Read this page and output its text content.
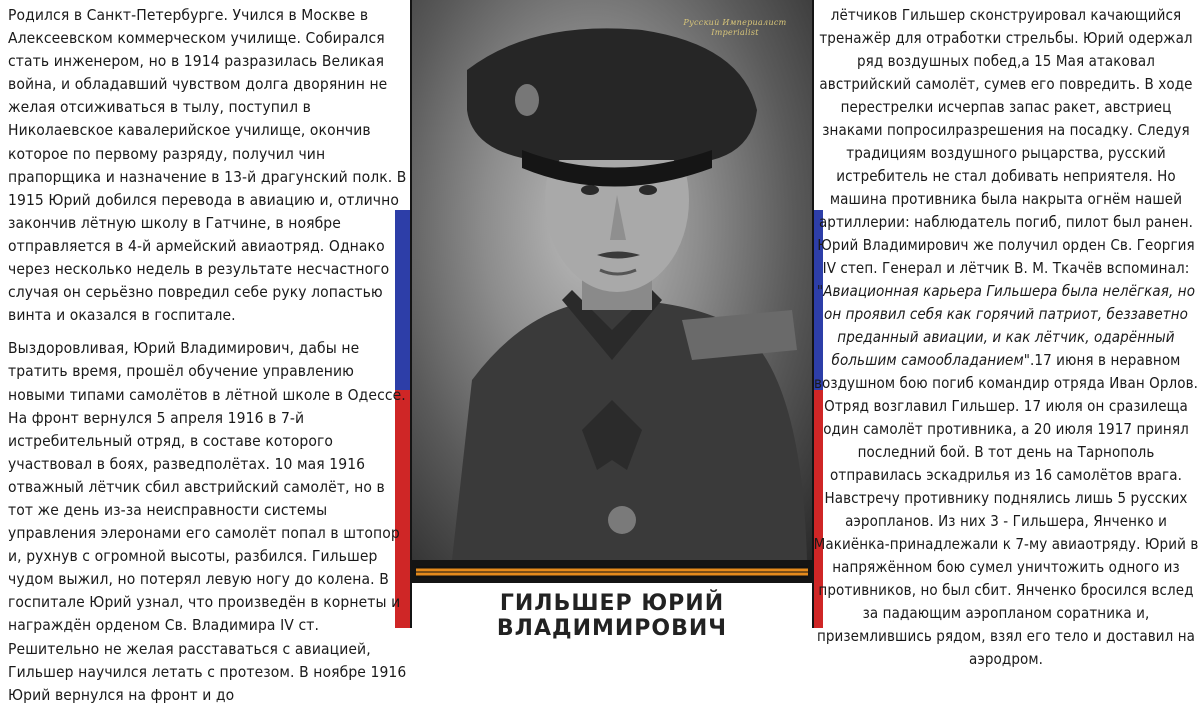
Родился в Санкт-Петербурге. Учился в Москве в Алексеевском коммерческом училище. Собирался стать инженером, но в 1914 разразилась Великая война, и обладавший чувством долга дворянин не желая отсиживаться в тылу, поступил в Николаевское кавалерийское училище, окончив которое по первому разряду, получил чин прапорщика и назначение в 13-й драгунский полк. В 1915 Юрий добился перевода в авиацию и, отлично закончив лётную школу в Гатчине, в ноябре отправляется в 4-й армейский авиаотряд. Однако через несколько недель в результате несчастного случая он серьёзно повредил себе руку лопастью винта и оказался в госпитале.

Выздоровливая, Юрий Владимирович, дабы не тратить время, прошёл обучение управлению новыми типами самолётов в лётной школе в Одессе. На фронт вернулся 5 апреля 1916 в 7-й истребительный отряд, в составе которого участвовал в боях, разведполётах. 10 мая 1916 отважный лётчик сбил австрийский самолёт, но в тот же день из-за неисправности системы управления элеронами его самолёт попал в штопор и, рухнув с огромной высоты, разбился. Гильшер чудом выжил, но потерял левую ногу до колена. В госпитале Юрий узнал, что произведён в корнеты и награждён орденом Св. Владимира IV ст. Решительно не желая расставаться с авиацией, Гильшер научился летать с протезом. В ноябре 1916 Юрий вернулся на фронт и до

Русский Империалист Imperialist
ГИЛЬШЕР ЮРИЙ ВЛАДИМИРОВИЧ

лётчиков Гильшер сконструировал качающийся тренажёр для отработки стрельбы. Юрий одержал ряд воздушных побед,а 15 Мая атаковал австрийский самолёт, сумев его повредить. В ходе перестрелки исчерпав запас ракет, австриец знаками попросилразрешения на посадку. Следуя традициям воздушного рыцарства, русский истребитель не стал добивать неприятеля. Но машина противника была накрыта огнём нашей артиллерии: наблюдатель погиб, пилот был ранен. Юрий Владимирович же получил орден Св. Георгия IV степ. Генерал и лётчик В. М. Ткачёв вспоминал: "Авиационная карьера Гильшера была нелёгкая, но он проявил себя как горячий патриот, беззаветно преданный авиации, и как лётчик, одарённый большим самообладанием".17 июня в неравном воздушном бою погиб командир отряда Иван Орлов. Отряд возглавил Гильшер. 17 июля он сразилеща один самолёт противника, а 20 июля 1917 принял последний бой. В тот день на Тарнополь отправилась эскадрилья из 16 самолётов врага. Навстречу противнику поднялись лишь 5 русских аэропланов. Из них 3 - Гильшера, Янченко и Макиёнка-принадлежали к 7-му авиаотряду. Юрий в напряжённом бою сумел уничтожить одного из противников, но был сбит. Янченко бросился вслед за падающим аэропланом соратника и, приземлившись рядом, взял его тело и доставил на аэродром.
